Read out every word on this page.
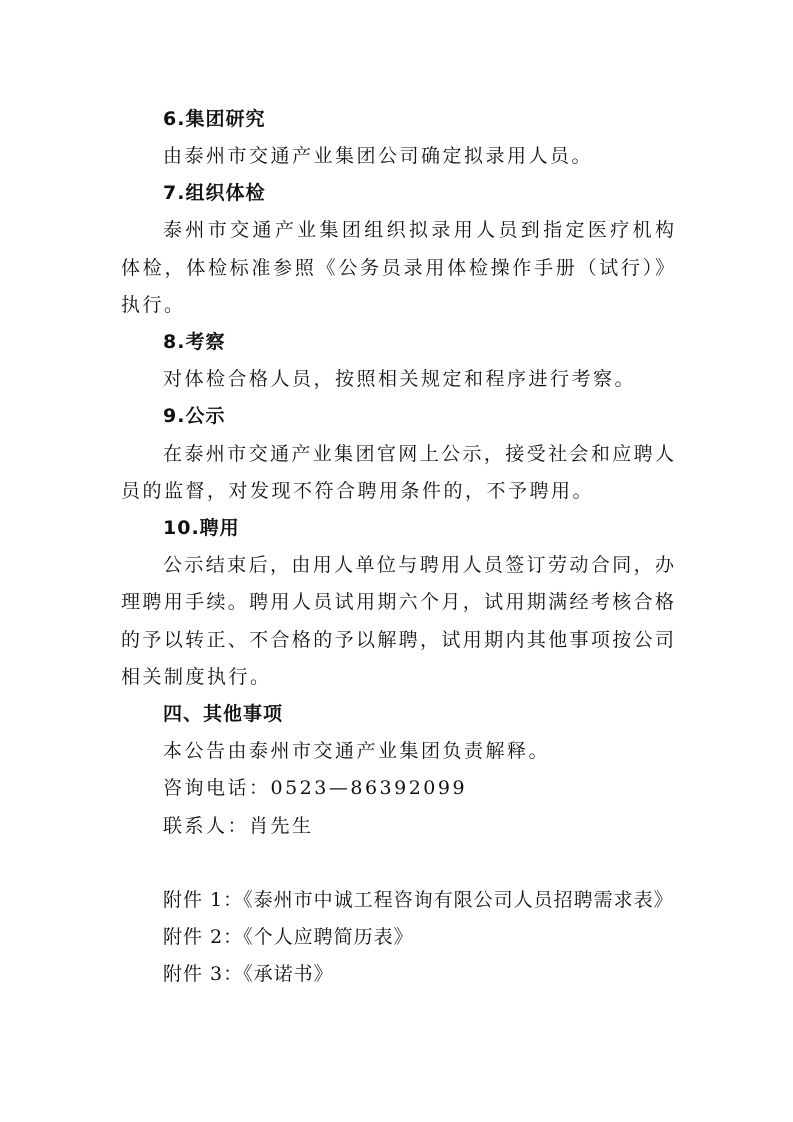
6.集团研究
由泰州市交通产业集团公司确定拟录用人员。
7.组织体检
泰州市交通产业集团组织拟录用人员到指定医疗机构
体检，体检标准参照《公务员录用体检操作手册（试行）》
执行。
8.考察
对体检合格人员，按照相关规定和程序进行考察。
9.公示
在泰州市交通产业集团官网上公示，接受社会和应聘人
员的监督，对发现不符合聘用条件的，不予聘用。
10.聘用
公示结束后，由用人单位与聘用人员签订劳动合同，办
理聘用手续。聘用人员试用期六个月，试用期满经考核合格
的予以转正、不合格的予以解聘，试用期内其他事项按公司
相关制度执行。
四、其他事项
本公告由泰州市交通产业集团负责解释。
咨询电话：0523—86392099
联系人：肖先生
附件 1：《泰州市中诚工程咨询有限公司人员招聘需求表》
附件 2：《个人应聘简历表》
附件 3：《承诺书》
